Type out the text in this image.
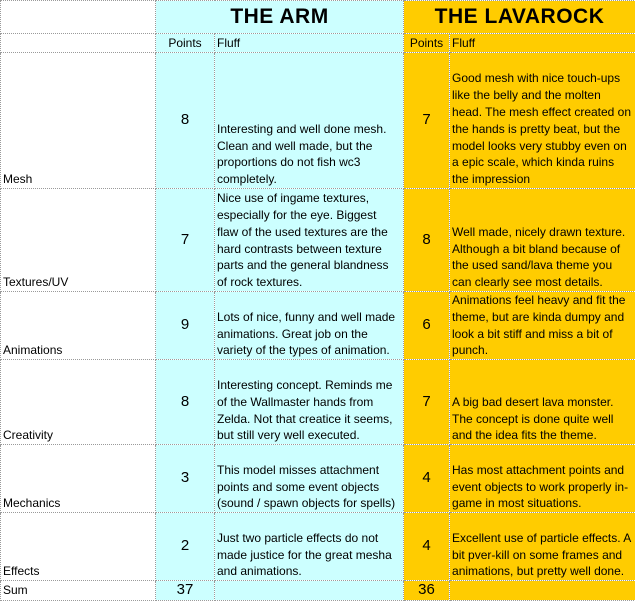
	THE ARM		THE LAVAROCK	
	Points	Fluff	Points	Fluff
Mesh	8	Interesting and well done mesh. Clean and well made, but the proportions do not fish wc3 completely.	7	Good mesh with nice touch-ups like the belly and the molten head. The mesh effect created on the hands is pretty beat, but the model looks very stubby even on a epic scale, which kinda ruins the impression
Textures/UV	7	Nice use of ingame textures, especially for the eye. Biggest flaw of the used textures are the hard contrasts between texture parts and the general blandness of rock textures.	8	Well made, nicely drawn texture. Although a bit bland because of the used sand/lava theme you can clearly see most details.
Animations	9	Lots of nice, funny and well made animations. Great job on the variety of the types of animation.	6	Animations feel heavy and fit the theme, but are kinda dumpy and look a bit stiff and miss a bit of punch.
Creativity	8	Interesting concept. Reminds me of the Wallmaster hands from Zelda. Not that creatice it seems, but still very well executed.	7	A big bad desert lava monster. The concept is done quite well and the idea fits the theme.
Mechanics	3	This model misses attachment points and some event objects (sound / spawn objects for spells)	4	Has most attachment points and event objects to work properly in-game in most situations.
Effects	2	Just two particle effects do not made justice for the great mesha and animations.	4	Excellent use of particle effects. A bit pver-kill on some frames and animations, but pretty well done.
Sum	37		36	
